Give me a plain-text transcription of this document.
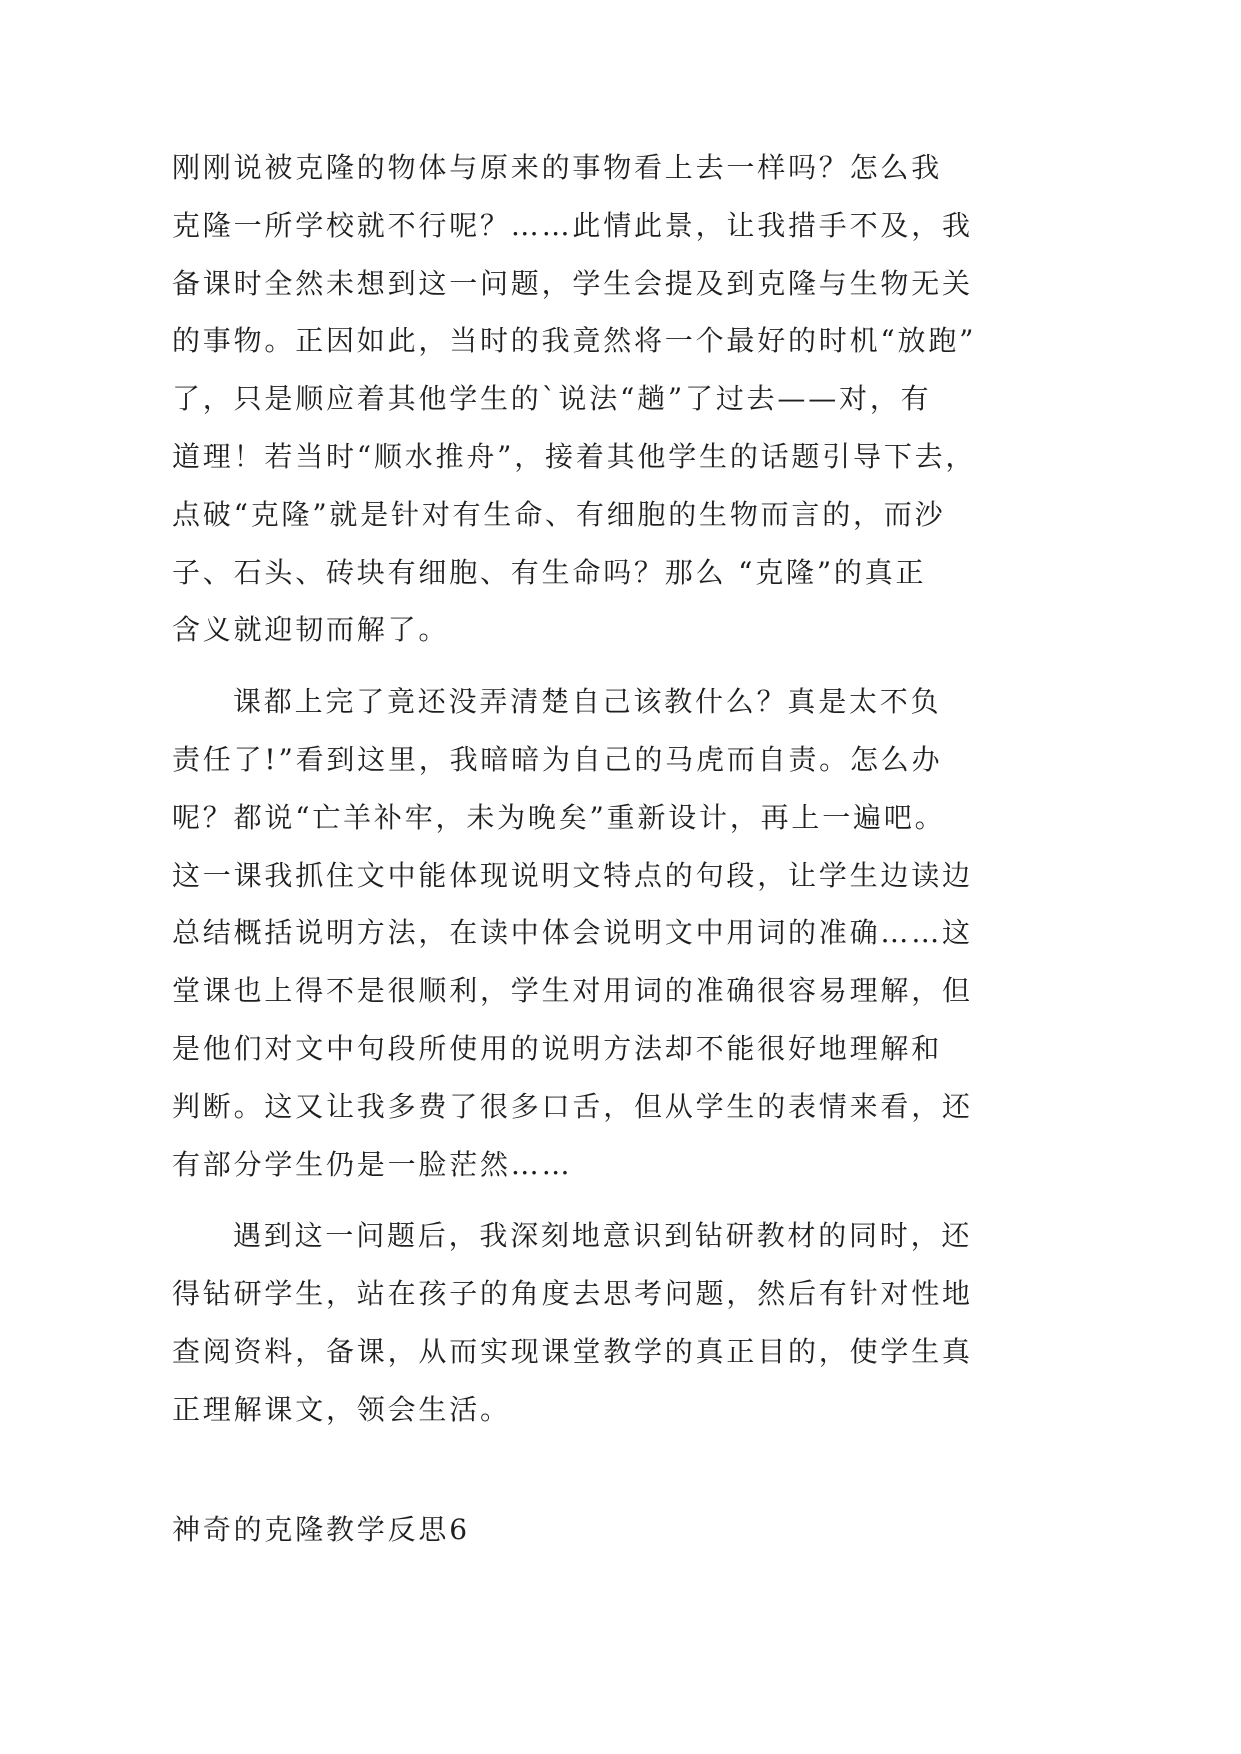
刚刚说被克隆的物体与原来的事物看上去一样吗？怎么我
克隆一所学校就不行呢？……此情此景，让我措手不及，我
备课时全然未想到这一问题，学生会提及到克隆与生物无关
的事物。正因如此，当时的我竟然将一个最好的时机“放跑”
了，只是顺应着其他学生的`说法“趟”了过去——对，有
道理！若当时“顺水推舟”，接着其他学生的话题引导下去，
点破“克隆”就是针对有生命、有细胞的生物而言的，而沙
子、石头、砖块有细胞、有生命吗？那么 “克隆”的真正
含义就迎韧而解了。
课都上完了竟还没弄清楚自己该教什么？真是太不负
责任了!”看到这里，我暗暗为自己的马虎而自责。怎么办
呢？都说“亡羊补牢，未为晚矣”重新设计，再上一遍吧。
这一课我抓住文中能体现说明文特点的句段，让学生边读边
总结概括说明方法，在读中体会说明文中用词的准确……这
堂课也上得不是很顺利，学生对用词的准确很容易理解，但
是他们对文中句段所使用的说明方法却不能很好地理解和
判断。这又让我多费了很多口舌，但从学生的表情来看，还
有部分学生仍是一脸茫然……
遇到这一问题后，我深刻地意识到钻研教材的同时，还
得钻研学生，站在孩子的角度去思考问题，然后有针对性地
查阅资料，备课，从而实现课堂教学的真正目的，使学生真
正理解课文，领会生活。
神奇的克隆教学反思6
